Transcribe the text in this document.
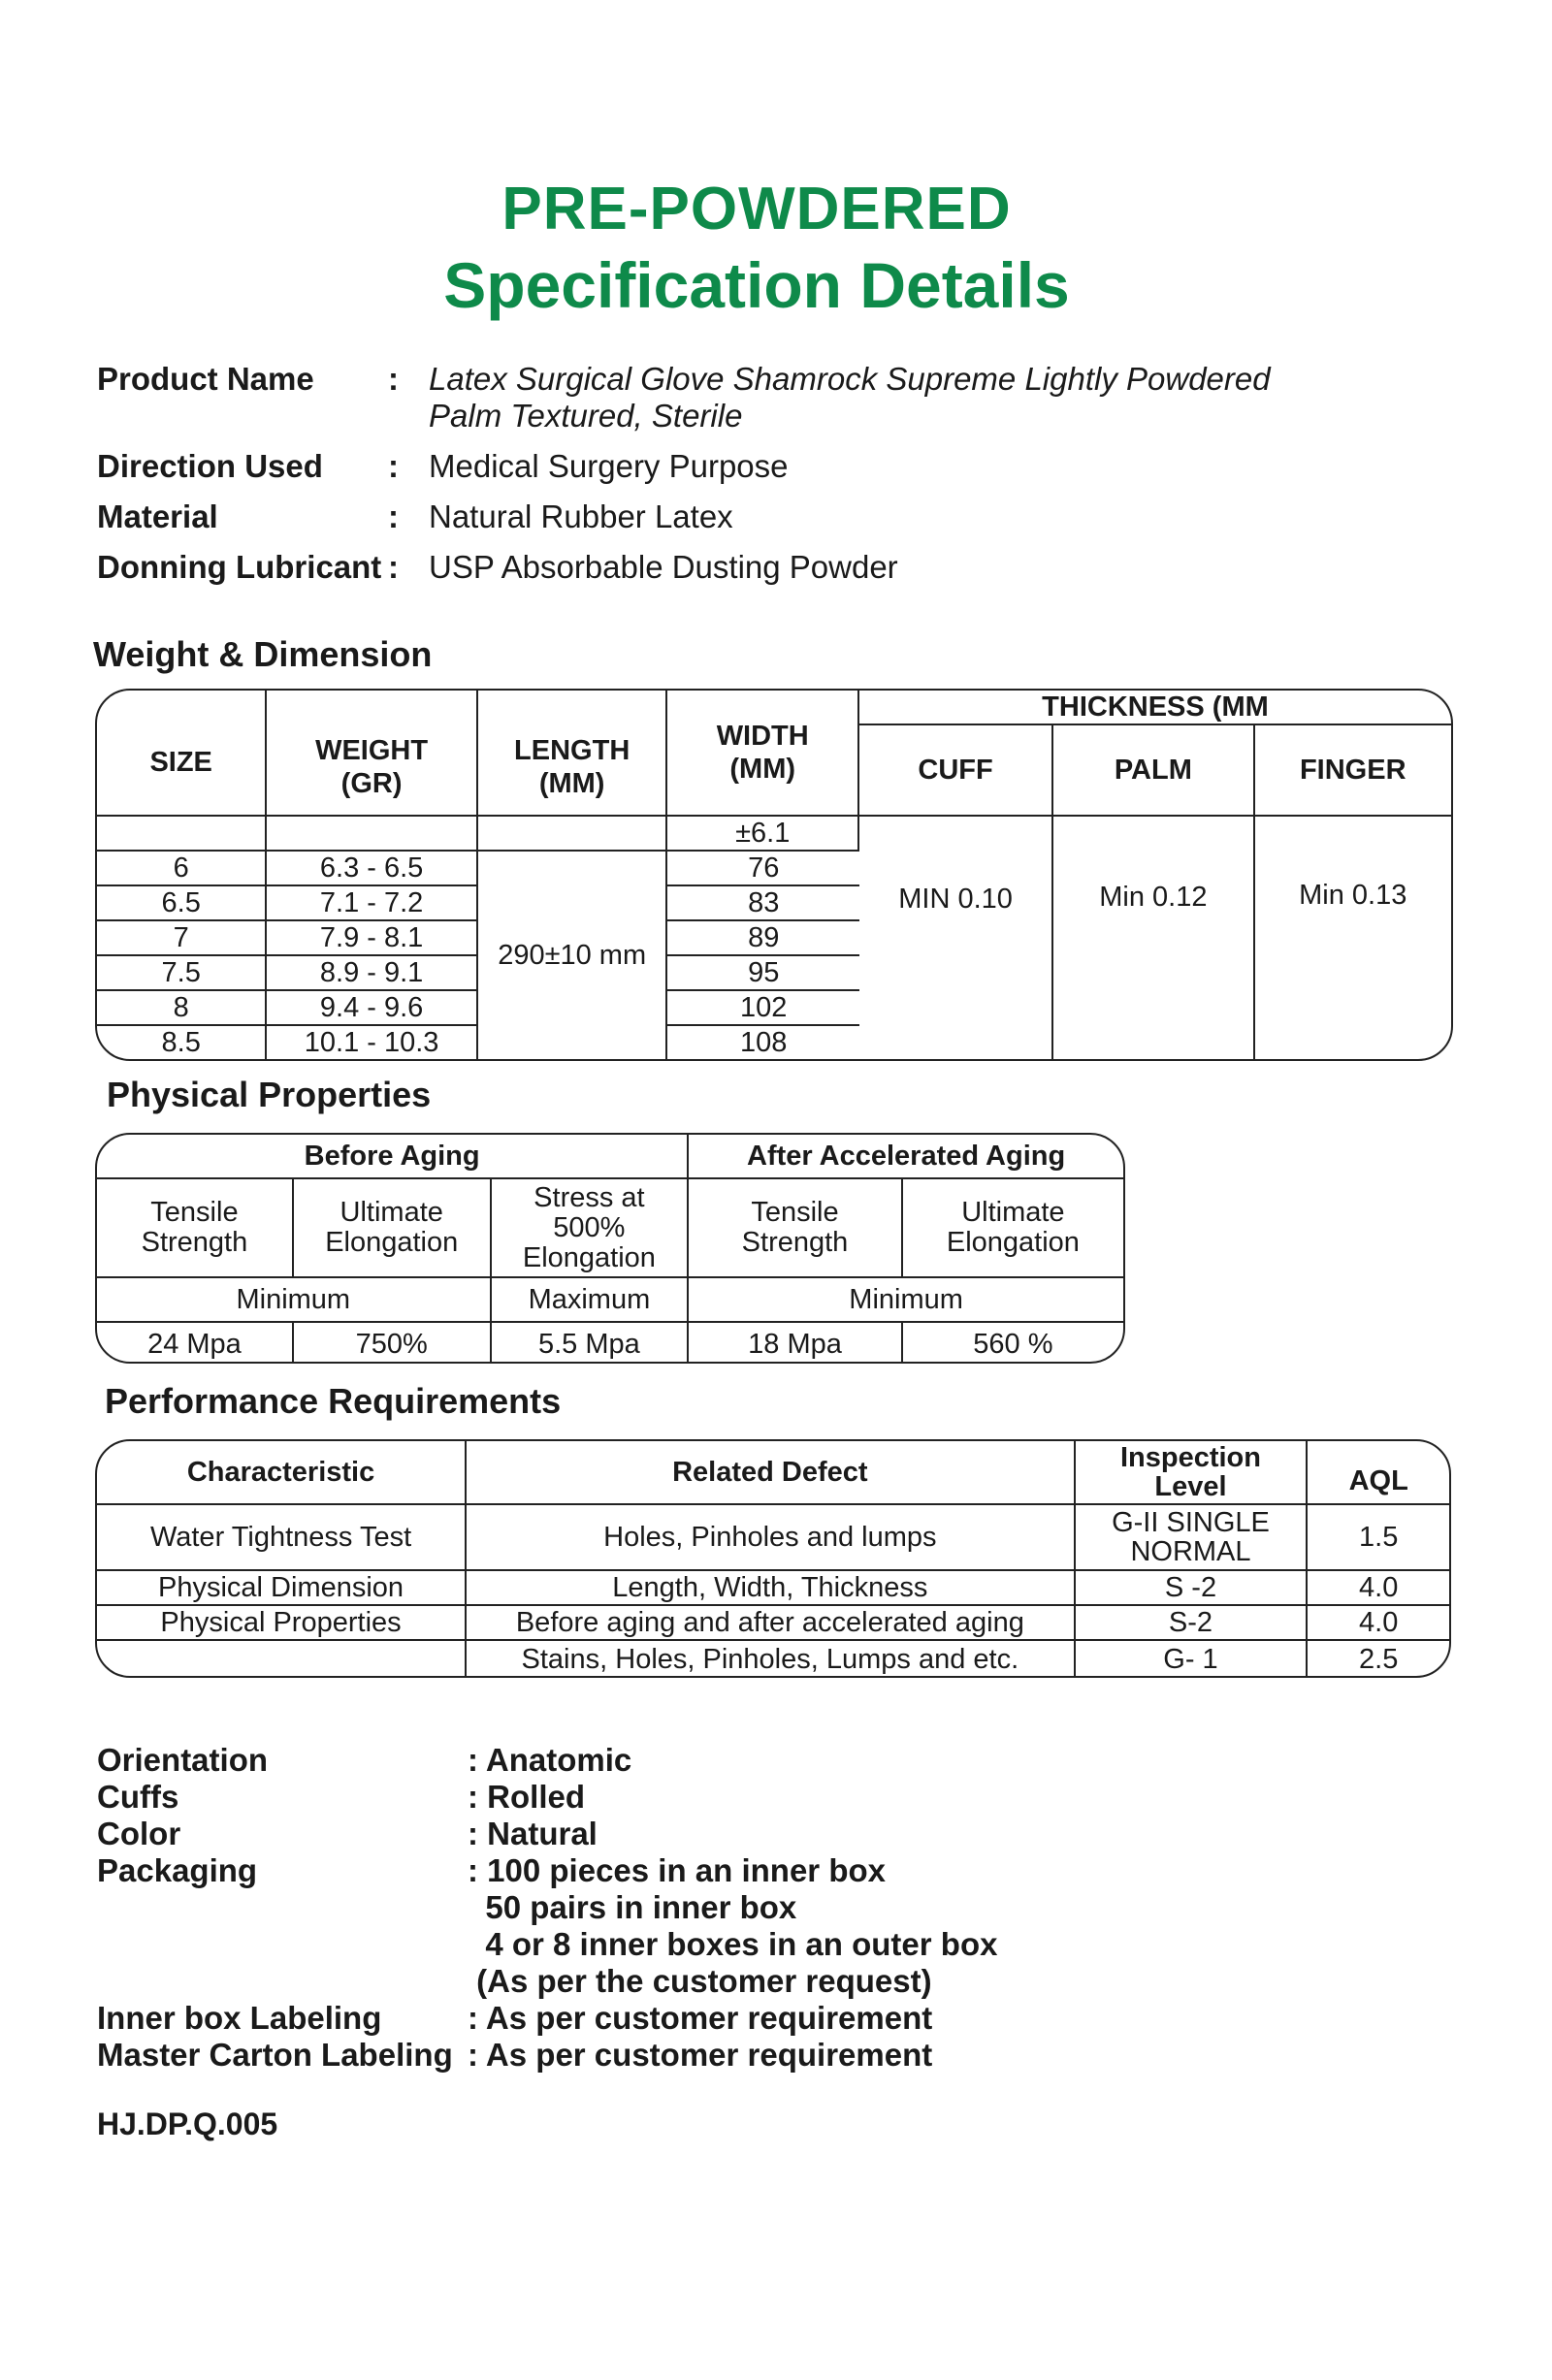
PRE-POWDERED
Specification Details
Product Name	: Latex Surgical Glove Shamrock Supreme Lightly Powdered
Palm Textured, Sterile
Direction Used	: Medical Surgery Purpose
Material	: Natural Rubber Latex
Donning Lubricant : USP Absorbable Dusting Powder
Weight & Dimension
SIZE	WEIGHT (GR)	LENGTH (MM)	WIDTH (MM)	THICKNESS (MM		
				CUFF	PALM	FINGER
			±6.1	MIN 0.10	Min 0.12	Min 0.13
6	6.3 - 6.5	290±10 mm	76			
6.5	7.1 - 7.2		83			
7	7.9 - 8.1		89			
7.5	8.9 - 9.1		95			
8	9.4 - 9.6		102			
8.5	10.1 - 10.3		108			
Physical Properties
Before Aging			After Accelerated Aging	
Tensile Strength	Ultimate Elongation	Stress at 500% Elongation	Tensile Strength	Ultimate Elongation
Minimum		Maximum	Minimum	
24 Mpa	750%	5.5 Mpa	18 Mpa	560 %
Performance Requirements
Characteristic	Related Defect	Inspection Level	AQL
Water Tightness Test	Holes, Pinholes and lumps	G-II SINGLE NORMAL	1.5
Physical Dimension	Length, Width, Thickness	S -2	4.0
Physical Properties	Before aging and after accelerated aging	S-2	4.0
	Stains, Holes, Pinholes, Lumps and etc.	G- 1	2.5
Orientation	: Anatomic
Cuffs	: Rolled
Color	: Natural
Packaging	: 100 pieces in an inner box
50 pairs in inner box
4 or 8 inner boxes in an outer box
(As per the customer request)
Inner box Labeling	: As per customer requirement
Master Carton Labeling : As per customer requirement
HJ.DP.Q.005
